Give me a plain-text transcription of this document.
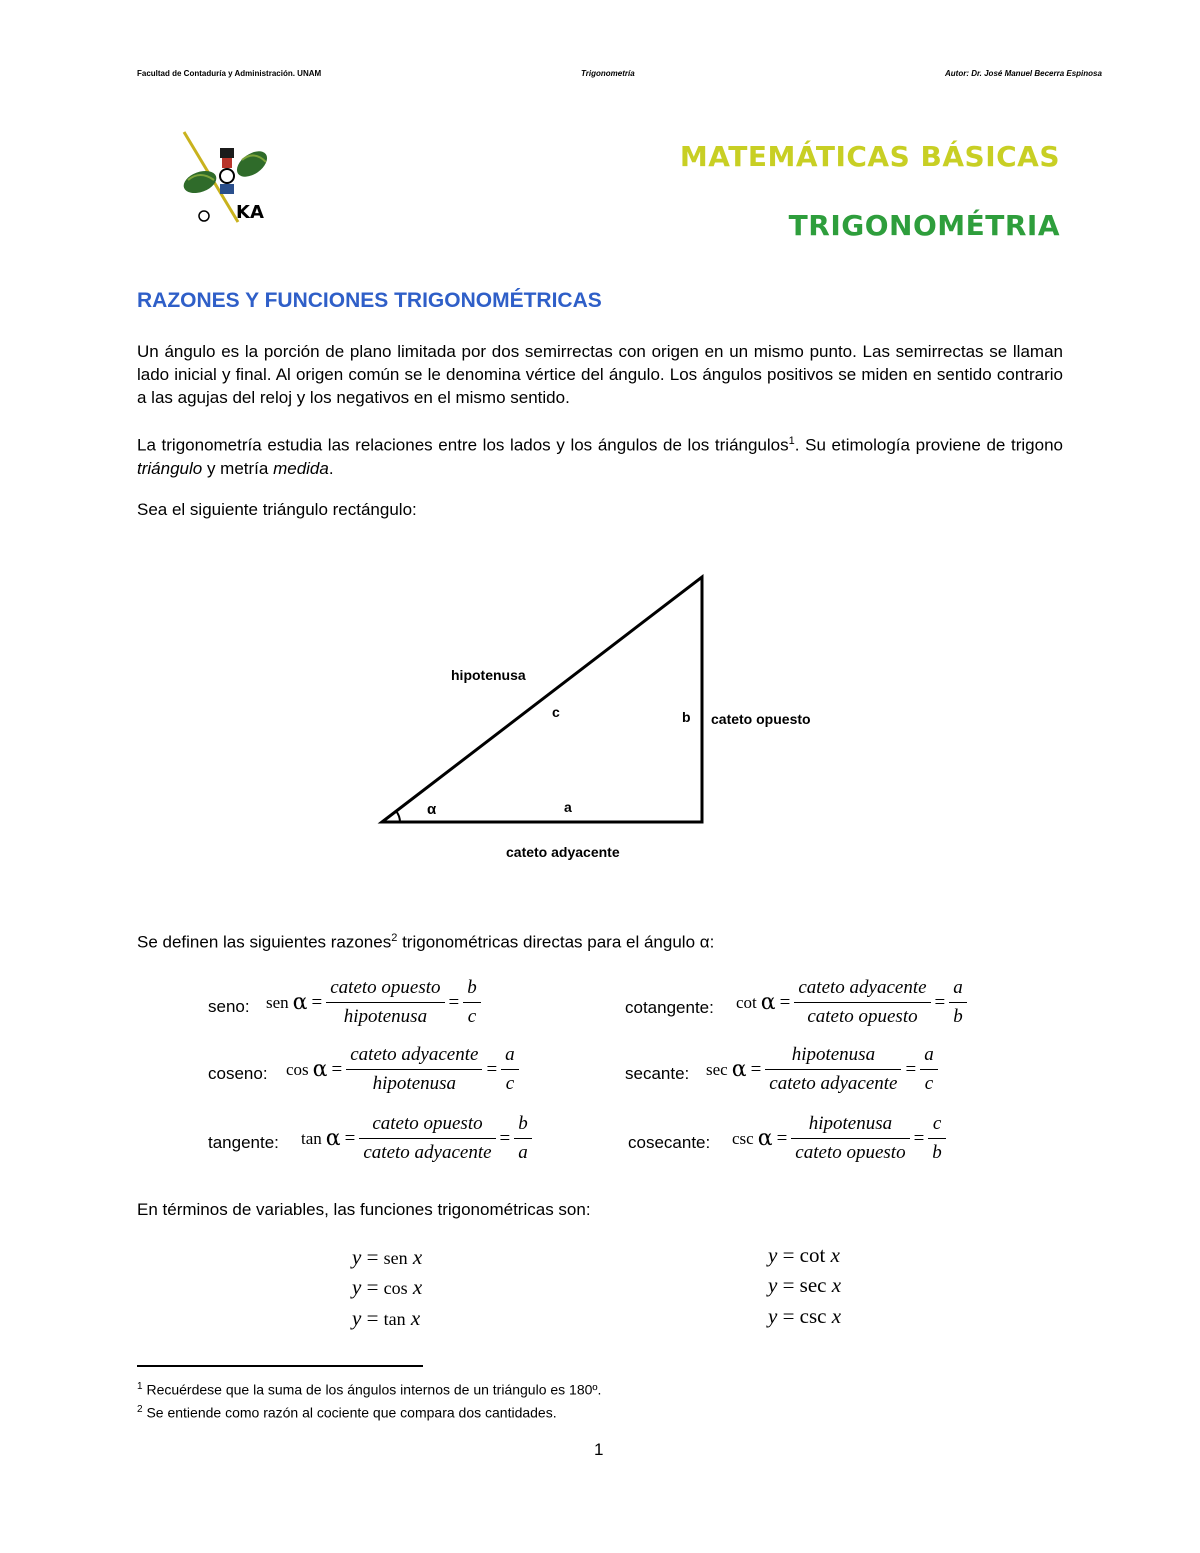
Facultad de Contaduría y Administración. UNAM	Trigonometría	Autor: Dr. José Manuel Becerra Espinosa
KA
MATEMÁTICAS BÁSICAS
TRIGONOMÉTRIA
RAZONES Y FUNCIONES TRIGONOMÉTRICAS

Un ángulo es la porción de plano limitada por dos semirrectas con origen en un mismo punto. Las semirrectas se llaman lado inicial y final. Al origen común se le denomina vértice del ángulo. Los ángulos positivos se miden en sentido contrario a las agujas del reloj y los negativos en el mismo sentido.

La trigonometría estudia las relaciones entre los lados y los ángulos de los triángulos$^1$. Su etimología proviene de trigono triángulo y metría medida.

Sea el siguiente triángulo rectángulo:

hipotenusa
c	b cateto opuesto
α	a
cateto adyacente

Se definen las siguientes razones$^2$ trigonométricas directas para el ángulo α:

seno: sen $\alpha = \frac{\text{cateto opuesto}}{\text{hipotenusa}} = \frac{b}{c}$
coseno: $\cos \alpha = \frac{\text{cateto adyacente}}{\text{hipotenusa}} = \frac{a}{c}$
tangente: $\tan \alpha = \frac{\text{cateto opuesto}}{\text{cateto adyacente}} = \frac{b}{a}$
cotangente: $\cot \alpha = \frac{\text{cateto adyacente}}{\text{cateto opuesto}} = \frac{a}{b}$
secante: $\sec \alpha = \frac{\text{hipotenusa}}{\text{cateto adyacente}} = \frac{a}{c}$
cosecante: $\csc \alpha = \frac{\text{hipotenusa}}{\text{cateto opuesto}} = \frac{c}{b}$

En términos de variables, las funciones trigonométricas son:

y = sen x
y = cos x
y = tan x
y = cot x
y = sec x
y = csc x
$^1$ Recuérdese que la suma de los ángulos internos de un triángulo es 180º.
$^2$ Se entiende como razón al cociente que compara dos cantidades.
1
